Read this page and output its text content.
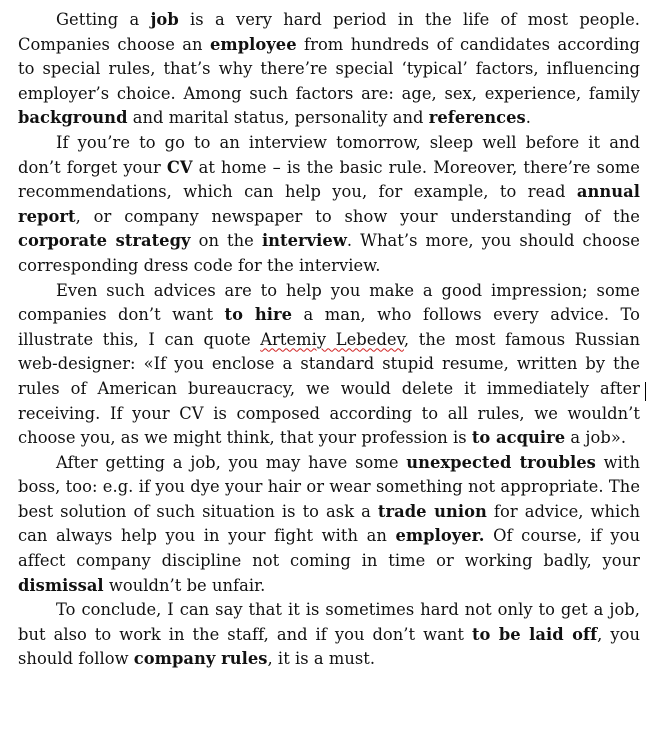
Getting a job is a very hard period in the life of most people. Companies choose an employee from hundreds of candidates according to special rules, that’s why there’re special ‘typical’ factors, influencing employer’s choice. Among such factors are: age, sex, experience, family background and marital status, personality and references.

If you’re to go to an interview tomorrow, sleep well before it and don’t forget your CV at home – is the basic rule. Moreover, there’re some recommendations, which can help you, for example, to read annual report, or company newspaper to show your understanding of the corporate strategy on the interview. What’s more, you should choose corresponding dress code for the interview.

Even such advices are to help you make a good impression; some companies don’t want to hire a man, who follows every advice. To illustrate this, I can quote Artemiy Lebedev, the most famous Russian web-designer: «If you enclose a standard stupid resume, written by the rules of American bureaucracy, we would delete it immediately after receiving. If your CV is composed according to all rules, we wouldn’t choose you, as we might think, that your profession is to acquire a job».

After getting a job, you may have some unexpected troubles with boss, too: e.g. if you dye your hair or wear something not appropriate. The best solution of such situation is to ask a trade union for advice, which can always help you in your fight with an employer. Of course, if you affect company discipline not coming in time or working badly, your dismissal wouldn’t be unfair.

To conclude, I can say that it is sometimes hard not only to get a job, but also to work in the staff, and if you don’t want to be laid off, you should follow company rules, it is a must.
